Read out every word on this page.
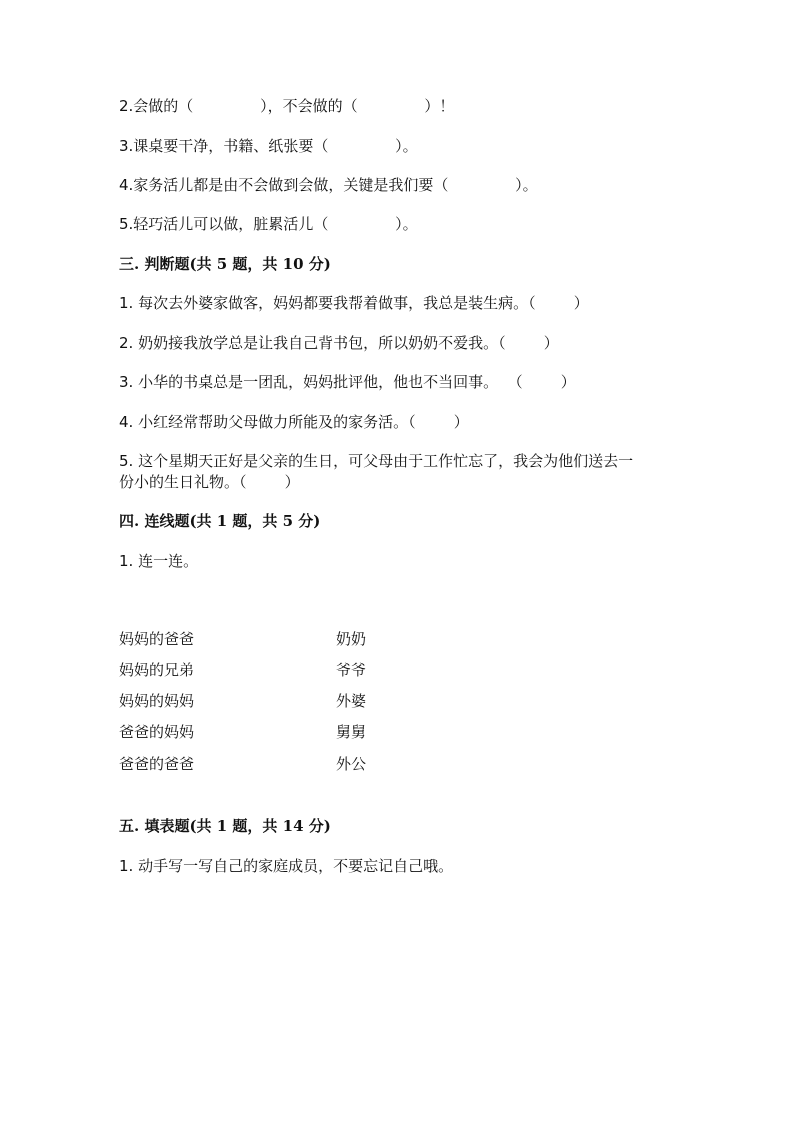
2.会做的（              ），不会做的（              ）！
3.课桌要干净，书籍、纸张要（              ）。
4.家务活儿都是由不会做到会做，关键是我们要（              ）。
5.轻巧活儿可以做，脏累活儿（              ）。
三. 判断题(共 5 题，共 10 分)
1. 每次去外婆家做客，妈妈都要我帮着做事，我总是装生病。（        ）
2. 奶奶接我放学总是让我自己背书包，所以奶奶不爱我。（        ）
3. 小华的书桌总是一团乱，妈妈批评他，他也不当回事。  （        ）
4. 小红经常帮助父母做力所能及的家务活。（        ）
5. 这个星期天正好是父亲的生日，可父母由于工作忙忘了，我会为他们送去一
份小的生日礼物。（        ）
四. 连线题(共 1 题，共 5 分)
1. 连一连。
妈妈的爸爸
妈妈的兄弟
妈妈的妈妈
爸爸的妈妈
爸爸的爸爸
奶奶
爷爷
外婆
舅舅
外公
五. 填表题(共 1 题，共 14 分)
1. 动手写一写自己的家庭成员，不要忘记自己哦。
